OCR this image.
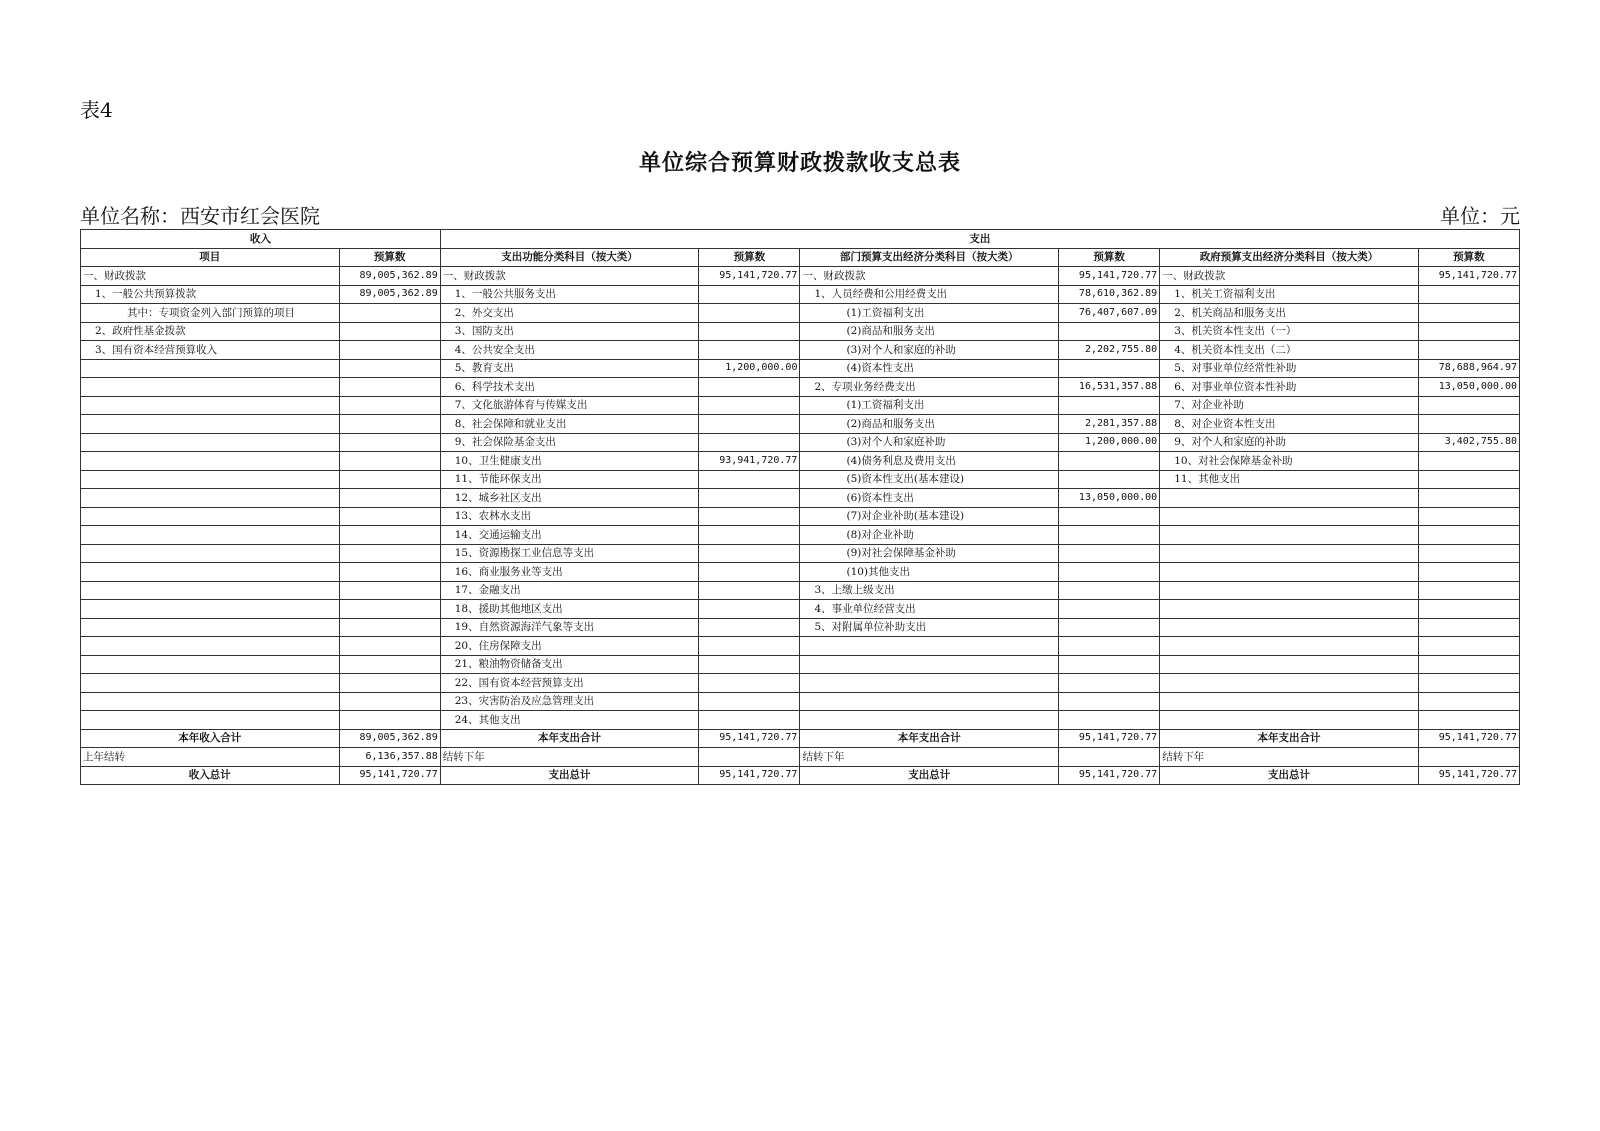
表4
单位综合预算财政拨款收支总表
单位名称：西安市红会医院	单位：元
收入		支出					
项目	预算数	支出功能分类科目（按大类）	预算数	部门预算支出经济分类科目（按大类）	预算数	政府预算支出经济分类科目（按大类）	预算数
一、财政拨款	89,005,362.89	一、财政拨款	95,141,720.77	一、财政拨款	95,141,720.77	一、财政拨款	95,141,720.77
1、一般公共预算拨款	89,005,362.89	1、一般公共服务支出		1、人员经费和公用经费支出	78,610,362.89	1、机关工资福利支出	
其中：专项资金列入部门预算的项目		2、外交支出		(1)工资福利支出	76,407,607.09	2、机关商品和服务支出	
2、政府性基金拨款		3、国防支出		(2)商品和服务支出		3、机关资本性支出（一）	
3、国有资本经营预算收入		4、公共安全支出		(3)对个人和家庭的补助	2,202,755.80	4、机关资本性支出（二）	
		5、教育支出	1,200,000.00	(4)资本性支出		5、对事业单位经常性补助	78,688,964.97
		6、科学技术支出		2、专项业务经费支出	16,531,357.88	6、对事业单位资本性补助	13,050,000.00
		7、文化旅游体育与传媒支出		(1)工资福利支出		7、对企业补助	
		8、社会保障和就业支出		(2)商品和服务支出	2,281,357.88	8、对企业资本性支出	
		9、社会保险基金支出		(3)对个人和家庭补助	1,200,000.00	9、对个人和家庭的补助	3,402,755.80
		10、卫生健康支出	93,941,720.77	(4)债务利息及费用支出		10、对社会保障基金补助	
		11、节能环保支出		(5)资本性支出(基本建设)		11、其他支出	
		12、城乡社区支出		(6)资本性支出	13,050,000.00		
		13、农林水支出		(7)对企业补助(基本建设)			
		14、交通运输支出		(8)对企业补助			
		15、资源勘探工业信息等支出		(9)对社会保障基金补助			
		16、商业服务业等支出		(10)其他支出			
		17、金融支出		3、上缴上级支出			
		18、援助其他地区支出		4、事业单位经营支出			
		19、自然资源海洋气象等支出		5、对附属单位补助支出			
		20、住房保障支出					
		21、粮油物资储备支出					
		22、国有资本经营预算支出					
		23、灾害防治及应急管理支出					
		24、其他支出					
本年收入合计	89,005,362.89	本年支出合计	95,141,720.77	本年支出合计	95,141,720.77	本年支出合计	95,141,720.77
上年结转	6,136,357.88	结转下年		结转下年		结转下年	
收入总计	95,141,720.77	支出总计	95,141,720.77	支出总计	95,141,720.77	支出总计	95,141,720.77
